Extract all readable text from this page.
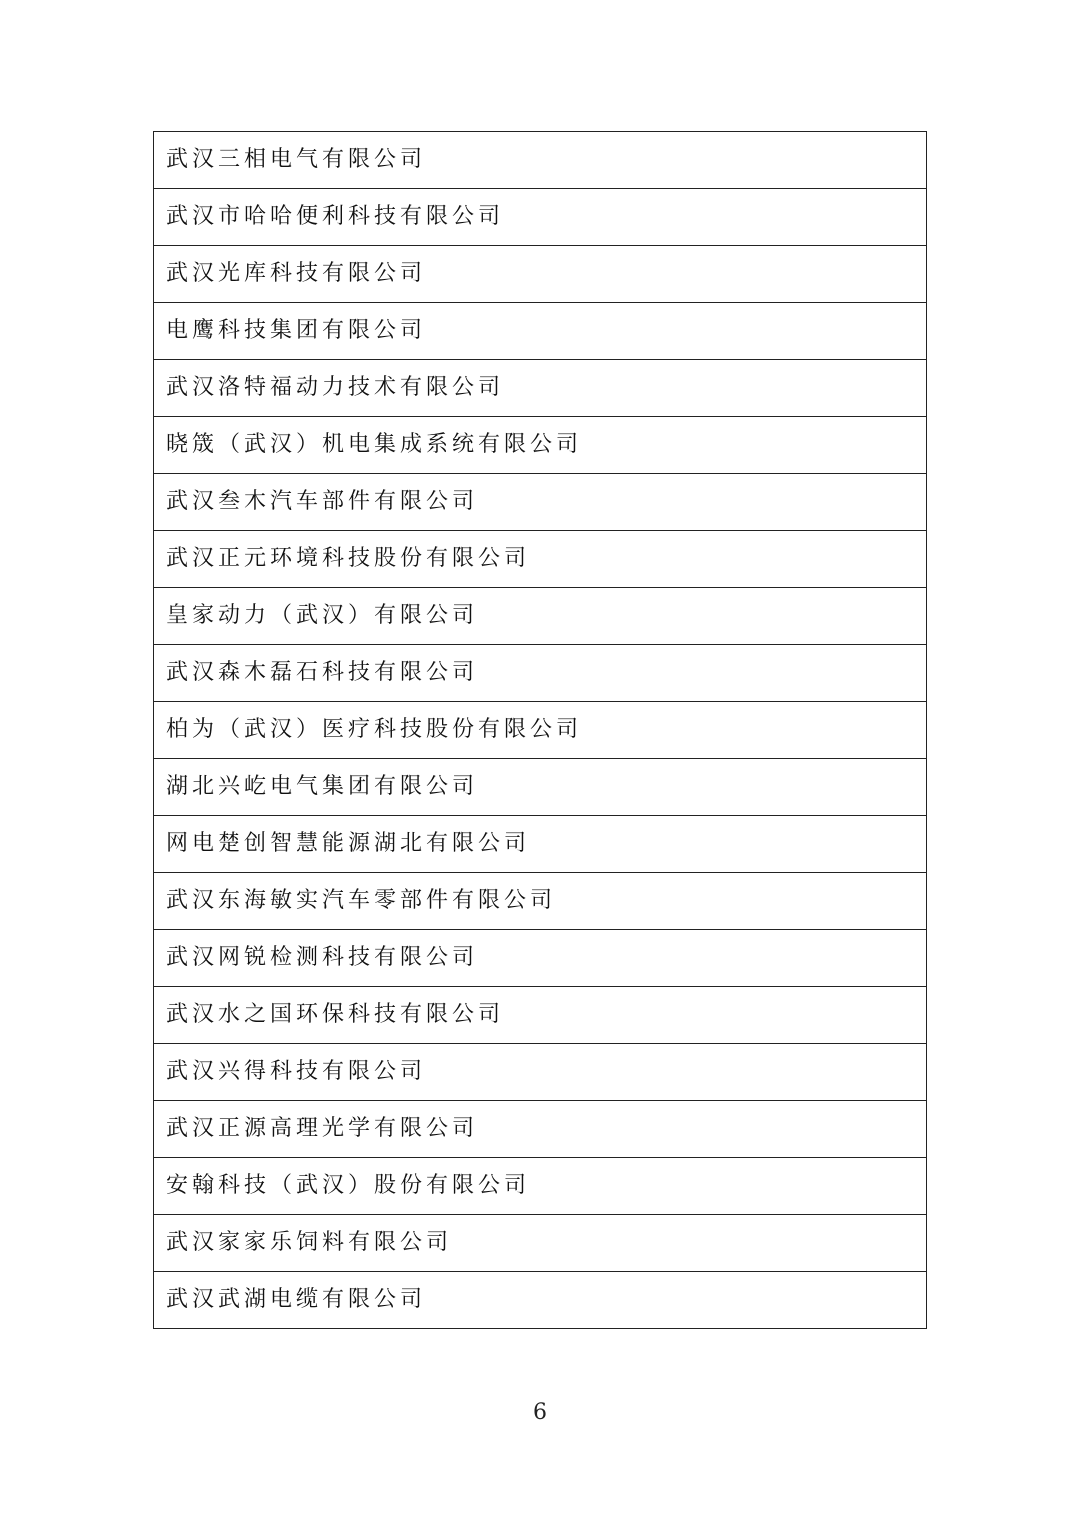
武汉三相电气有限公司
武汉市哈哈便利科技有限公司
武汉光库科技有限公司
电鹰科技集团有限公司
武汉洛特福动力技术有限公司
晓筬（武汉）机电集成系统有限公司
武汉叁木汽车部件有限公司
武汉正元环境科技股份有限公司
皇家动力（武汉）有限公司
武汉森木磊石科技有限公司
柏为（武汉）医疗科技股份有限公司
湖北兴屹电气集团有限公司
网电楚创智慧能源湖北有限公司
武汉东海敏实汽车零部件有限公司
武汉网锐检测科技有限公司
武汉水之国环保科技有限公司
武汉兴得科技有限公司
武汉正源高理光学有限公司
安翰科技（武汉）股份有限公司
武汉家家乐饲料有限公司
武汉武湖电缆有限公司
6
